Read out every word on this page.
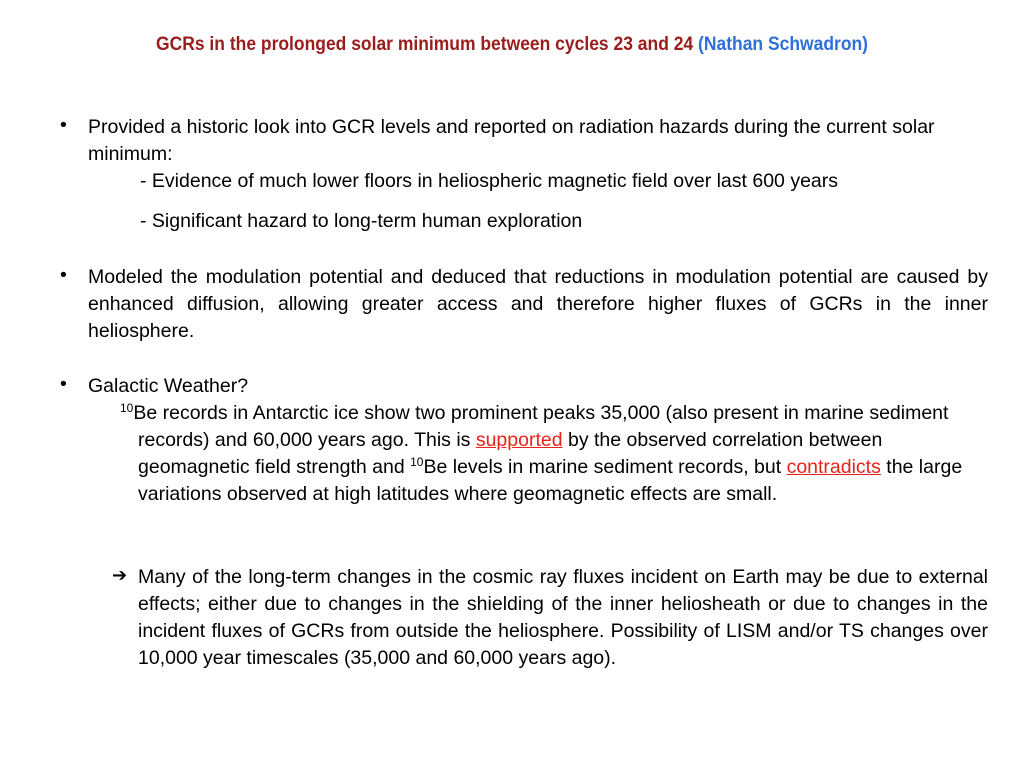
GCRs in the prolonged solar minimum between cycles 23 and 24 (Nathan Schwadron)
•	Provided a historic look into GCR levels and reported on radiation hazards during the current solar minimum:
- Evidence of much lower floors in heliospheric magnetic field over last 600 years
- Significant hazard to long-term human exploration
•	Modeled the modulation potential and deduced that reductions in modulation potential are caused by enhanced diffusion, allowing greater access and therefore higher fluxes of GCRs in the inner heliosphere.
•	Galactic Weather?
$^{10}$Be records in Antarctic ice show two prominent peaks 35,000 (also present in marine sediment records) and 60,000 years ago. This is supported by the observed correlation between geomagnetic field strength and $^{10}$Be levels in marine sediment records, but contradicts the large variations observed at high latitudes where geomagnetic effects are small.
➔ Many of the long-term changes in the cosmic ray fluxes incident on Earth may be due to external effects; either due to changes in the shielding of the inner heliosheath or due to changes in the incident fluxes of GCRs from outside the heliosphere. Possibility of LISM and/or TS changes over 10,000 year timescales (35,000 and 60,000 years ago).
